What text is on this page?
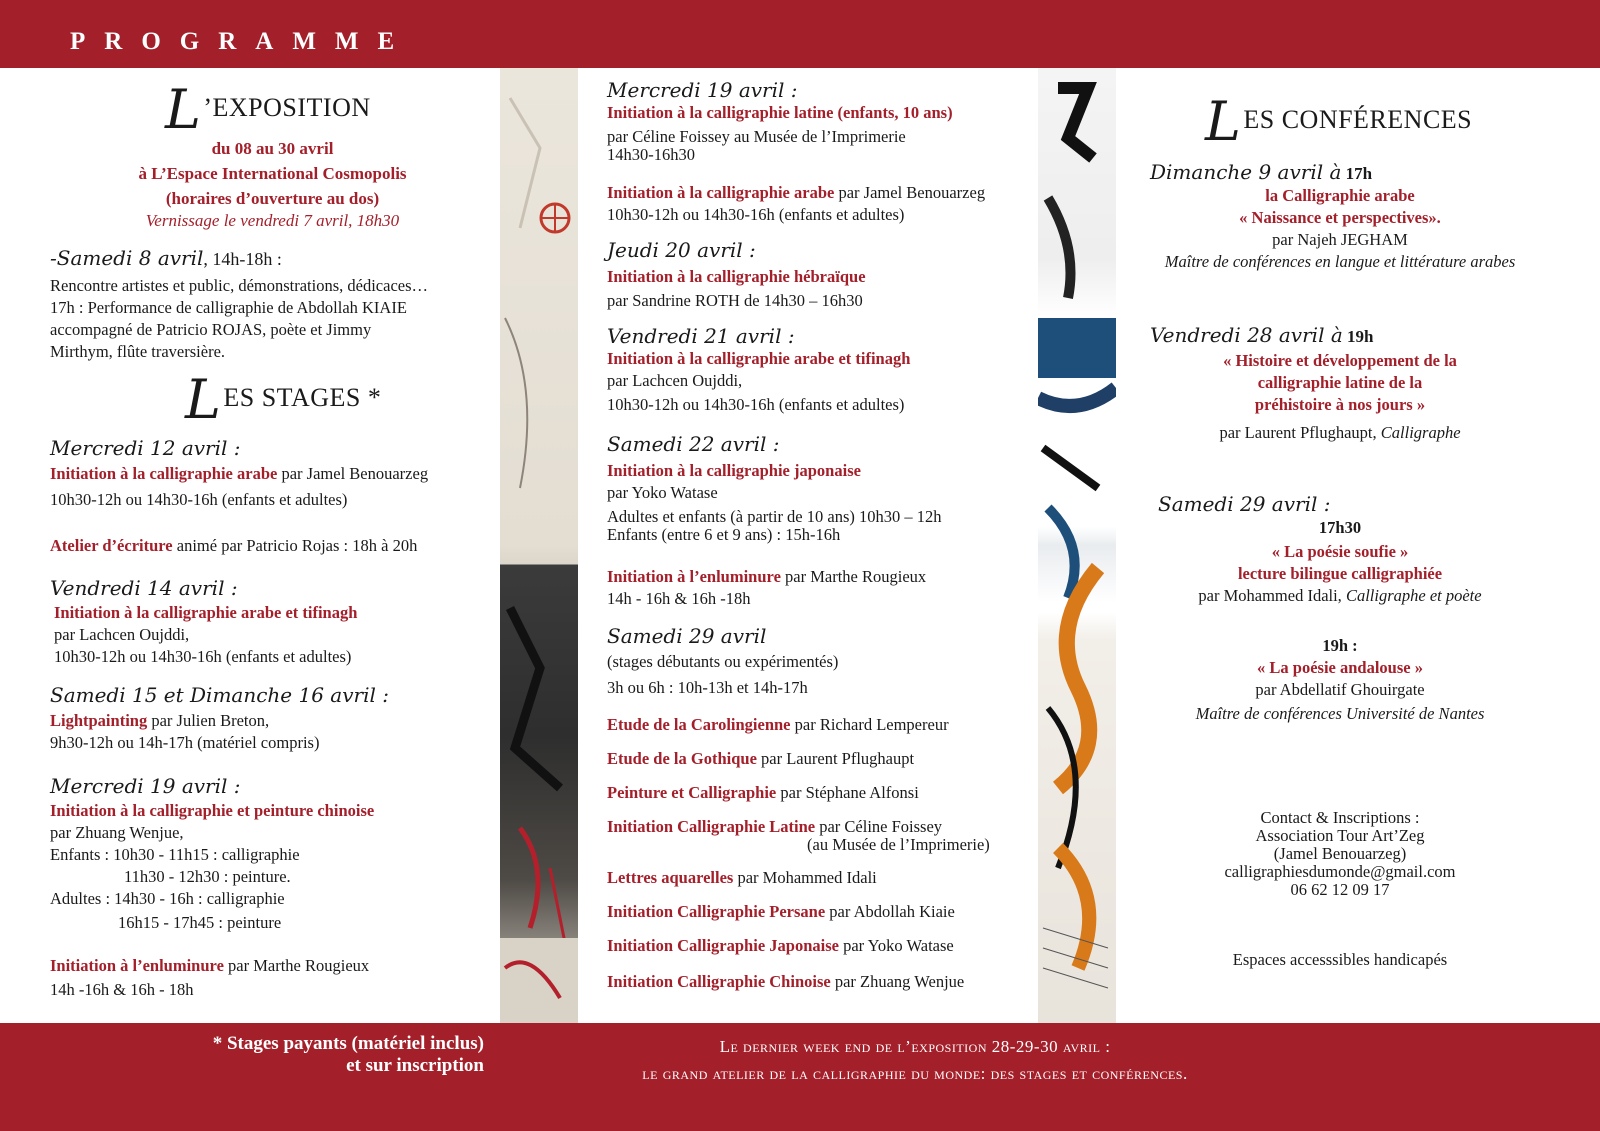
PROGRAMME
L’EXPOSITION
du 08 au 30 avril
à L’Espace International Cosmopolis
(horaires d’ouverture au dos)
Vernissage le vendredi 7 avril, 18h30
-Samedi 8 avril, 14h-18h :
Rencontre artistes et public, démonstrations, dédicaces…
17h : Performance de calligraphie de Abdollah KIAIE
accompagné de Patricio ROJAS, poète et Jimmy
Mirthym, flûte traversière.
LES STAGES *
Mercredi 12 avril :
Initiation à la calligraphie arabe par Jamel Benouarzeg
10h30-12h ou 14h30-16h (enfants et adultes)
Atelier d’écriture animé par Patricio Rojas : 18h à 20h
Vendredi 14 avril :
Initiation à la calligraphie arabe et tifinagh
par Lachcen Oujddi,
10h30-12h ou 14h30-16h (enfants et adultes)
Samedi 15 et Dimanche 16 avril :
Lightpainting par Julien Breton,
9h30-12h ou 14h-17h (matériel compris)
Mercredi 19 avril :
Initiation à la calligraphie et peinture chinoise
par Zhuang Wenjue,
Enfants : 10h30 - 11h15 : calligraphie
11h30 - 12h30 : peinture.
Adultes : 14h30 - 16h : calligraphie
16h15 - 17h45 : peinture
Initiation à l’enluminure par Marthe Rougieux
14h -16h & 16h - 18h
Mercredi 19 avril :
Initiation à la calligraphie latine (enfants, 10 ans)
par Céline Foissey au Musée de l’Imprimerie
14h30-16h30
Initiation à la calligraphie arabe par Jamel Benouarzeg
10h30-12h ou 14h30-16h (enfants et adultes)
Jeudi 20 avril :
Initiation à la calligraphie hébraïque
par Sandrine ROTH de 14h30 – 16h30
Vendredi 21 avril :
Initiation à la calligraphie arabe et tifinagh
par Lachcen Oujddi,
10h30-12h ou 14h30-16h (enfants et adultes)
Samedi 22 avril :
Initiation à la calligraphie japonaise
par Yoko Watase
Adultes et enfants (à partir de 10 ans) 10h30 – 12h
Enfants (entre 6 et 9 ans) : 15h-16h
Initiation à l’enluminure par Marthe Rougieux
14h - 16h & 16h -18h
Samedi 29 avril
(stages débutants ou expérimentés)
3h ou 6h : 10h-13h et 14h-17h
Etude de la Carolingienne par Richard Lempereur
Etude de la Gothique par Laurent Pflughaupt
Peinture et Calligraphie par Stéphane Alfonsi
Initiation Calligraphie Latine par Céline Foissey
(au Musée de l’Imprimerie)
Lettres aquarelles par Mohammed Idali
Initiation Calligraphie Persane par Abdollah Kiaie
Initiation Calligraphie Japonaise par Yoko Watase
Initiation Calligraphie Chinoise par Zhuang Wenjue
LES CONFÉRENCES
Dimanche 9 avril à 17h
la Calligraphie arabe
« Naissance et perspectives».
par Najeh JEGHAM
Maître de conférences en langue et littérature arabes
Vendredi 28 avril à 19h
« Histoire et développement de la
calligraphie latine de la
préhistoire à nos jours »
par Laurent Pflughaupt, Calligraphe
Samedi 29 avril :
17h30
« La poésie soufie »
lecture bilingue calligraphiée
par Mohammed Idali, Calligraphe et poète
19h :
« La poésie andalouse »
par Abdellatif Ghouirgate
Maître de conférences Université de Nantes
Contact & Inscriptions :
Association Tour Art’Zeg
(Jamel Benouarzeg)
calligraphiesdumonde@gmail.com
06 62 12 09 17
Espaces accesssibles handicapés
* Stages payants (matériel inclus)
et sur inscription
Le dernier week end de l’exposition 28-29-30 avril :
le grand atelier de la calligraphie du monde: des stages et conférences.
